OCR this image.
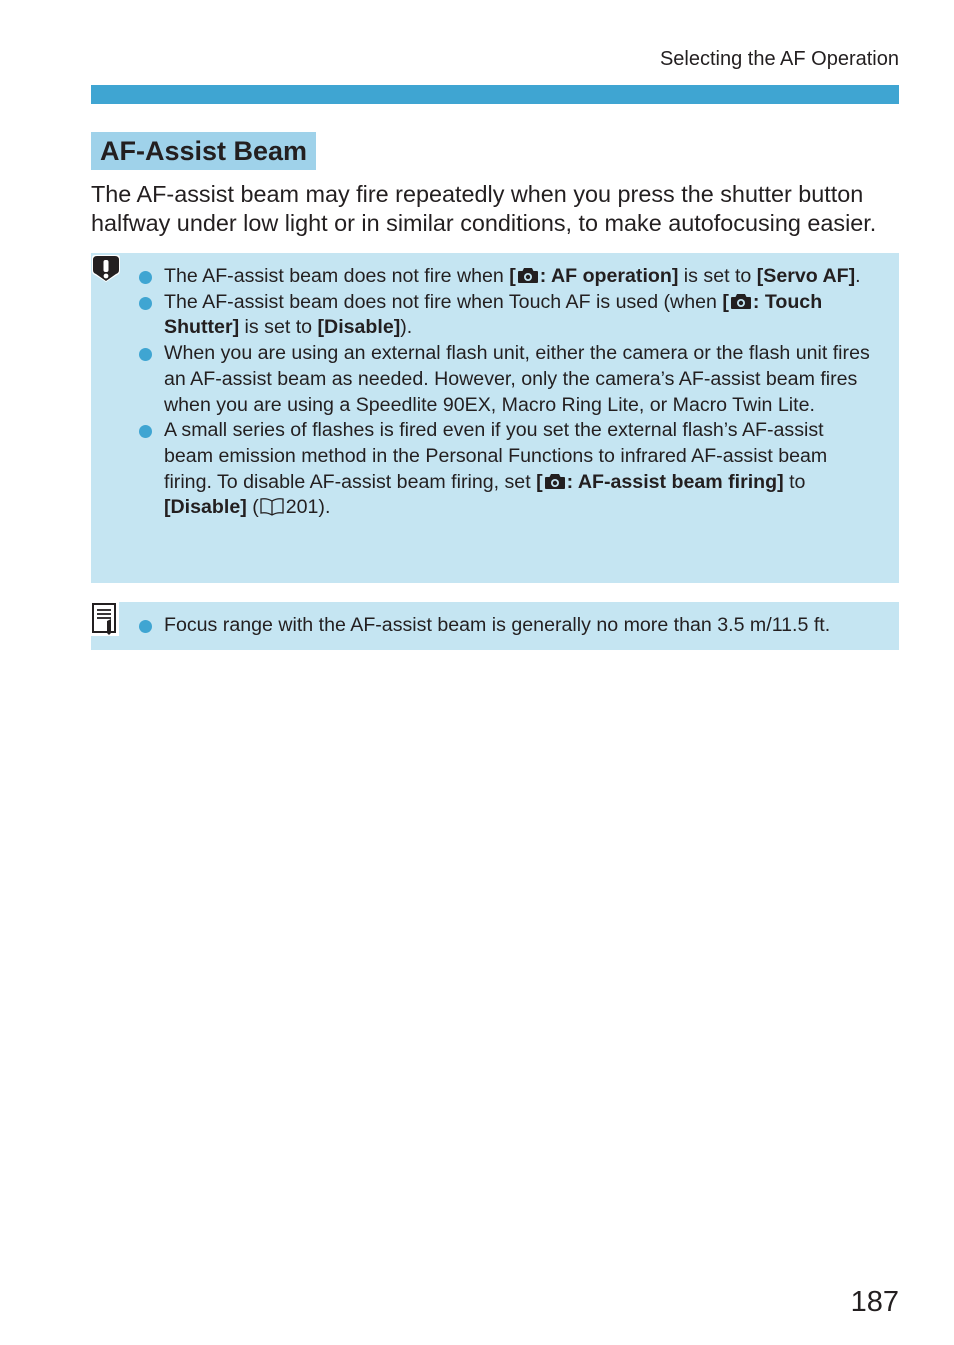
Selecting the AF Operation
AF-Assist Beam
The AF-assist beam may fire repeatedly when you press the shutter button halfway under low light or in similar conditions, to make autofocusing easier.
The AF-assist beam does not fire when [ : AF operation] is set to [Servo AF].
The AF-assist beam does not fire when Touch AF is used (when [ : Touch Shutter] is set to [Disable]).
When you are using an external flash unit, either the camera or the flash unit fires an AF-assist beam as needed. However, only the camera’s AF-assist beam fires when you are using a Speedlite 90EX, Macro Ring Lite, or Macro Twin Lite.
A small series of flashes is fired even if you set the external flash’s AF-assist beam emission method in the Personal Functions to infrared AF-assist beam firing. To disable AF-assist beam firing, set [ : AF-assist beam firing] to [Disable] ( 201).
Focus range with the AF-assist beam is generally no more than 3.5 m/11.5 ft.
187
